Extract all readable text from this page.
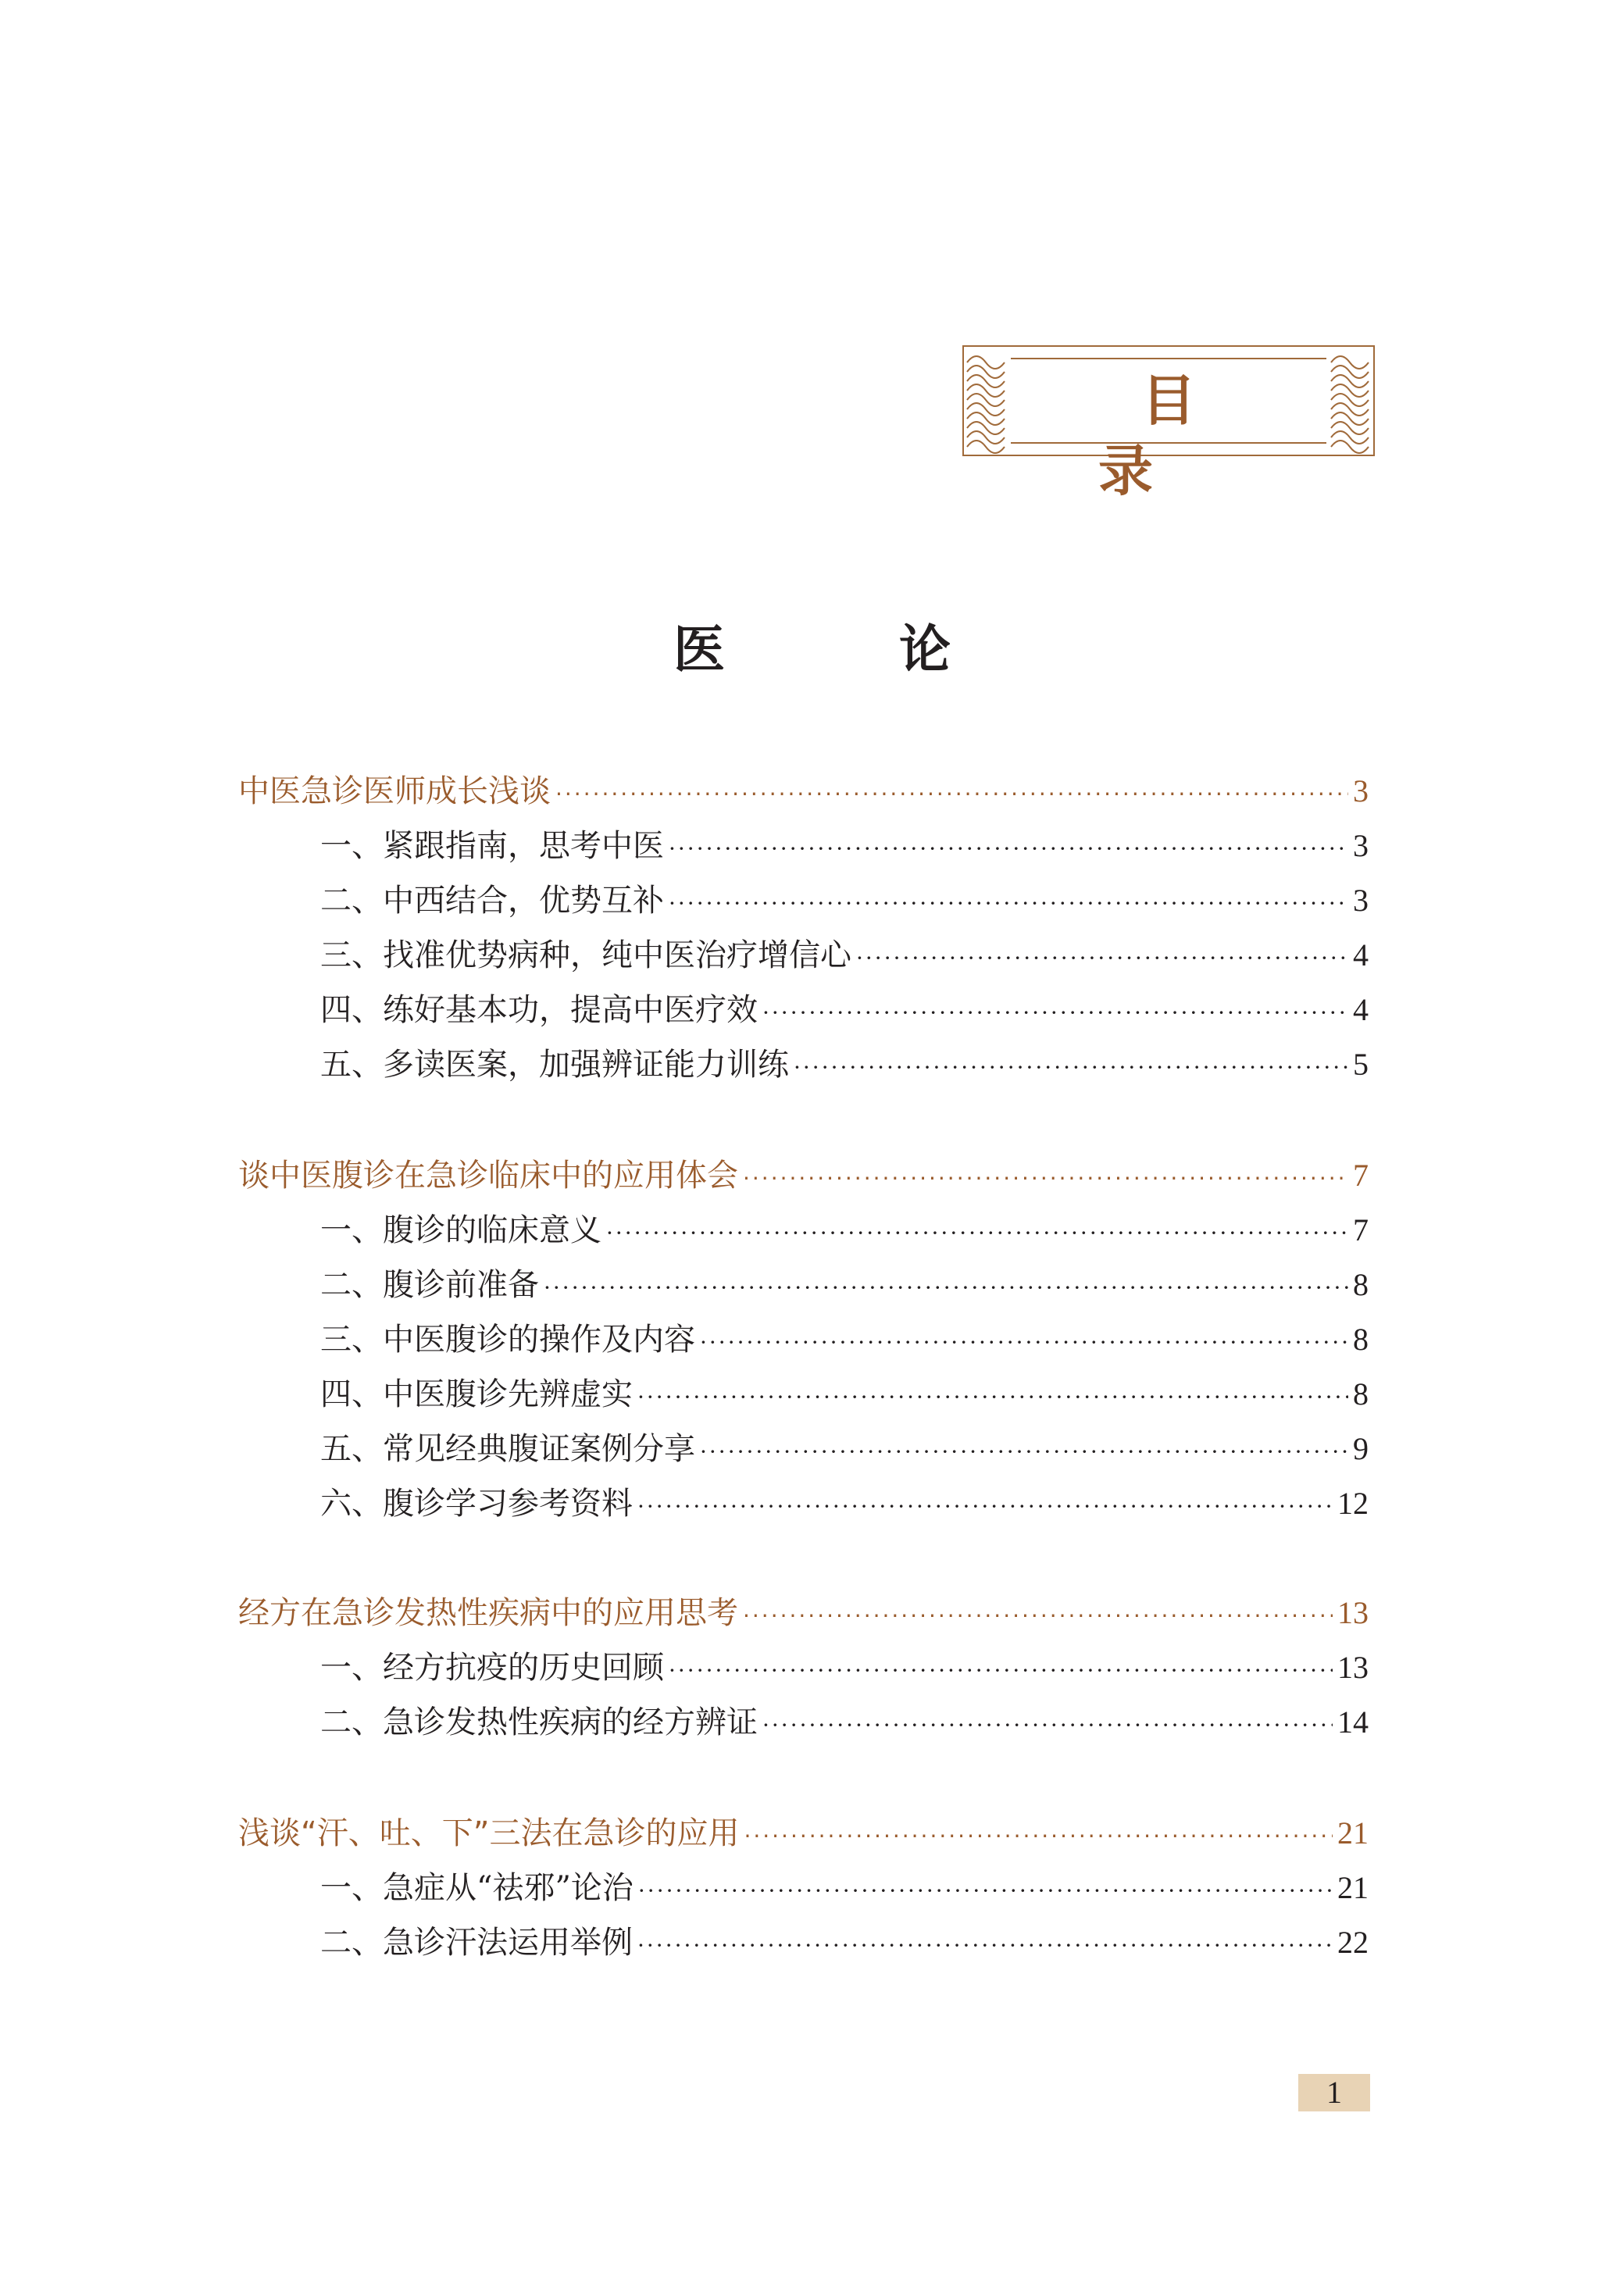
目 录
医 论
中医急诊医师成长浅谈 ·····	3
一、紧跟指南，思考中医 ·····	3
二、中西结合，优势互补 ·····	3
三、找准优势病种，纯中医治疗增信心 ·····	4
四、练好基本功，提高中医疗效 ·····	4
五、多读医案，加强辨证能力训练 ·····	5
谈中医腹诊在急诊临床中的应用体会 ·····	7
一、腹诊的临床意义 ·····	7
二、腹诊前准备 ·····	8
三、中医腹诊的操作及内容 ·····	8
四、中医腹诊先辨虚实 ·····	8
五、常见经典腹证案例分享 ·····	9
六、腹诊学习参考资料 ·····	12
经方在急诊发热性疾病中的应用思考 ·····	13
一、经方抗疫的历史回顾 ·····	13
二、急诊发热性疾病的经方辨证 ·····	14
浅谈“汗、吐、下”三法在急诊的应用 ·····	21
一、急症从“祛邪”论治 ·····	21
二、急诊汗法运用举例 ·····	22
1
